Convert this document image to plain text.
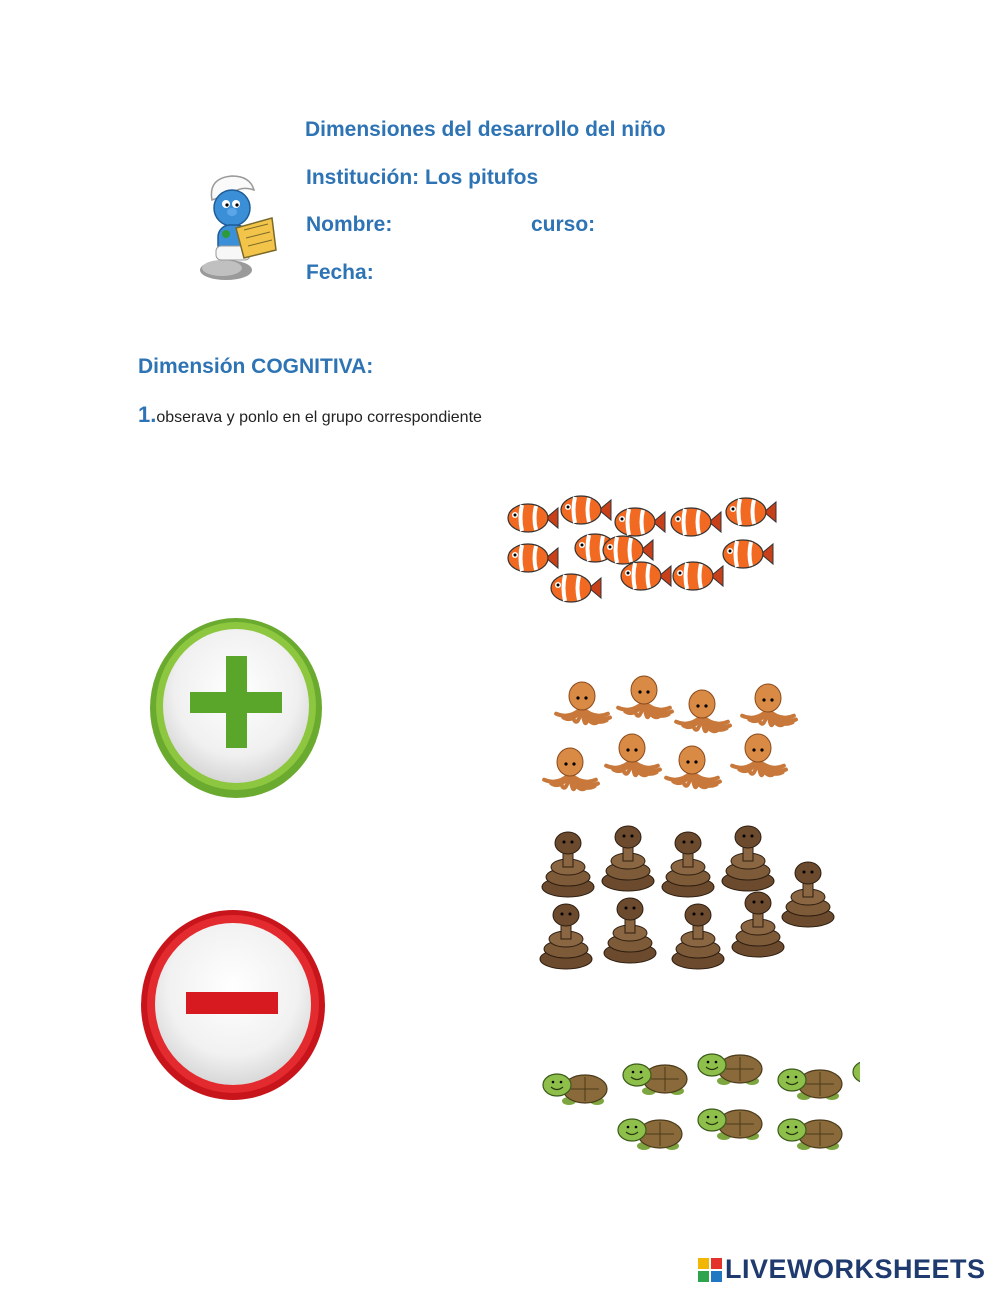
Dimensiones del desarrollo del niño
Institución: Los pitufos
Nombre:	curso:
Fecha:
Dimensión COGNITIVA:
1.obserava y ponlo en el grupo correspondiente
LIVEWORKSHEETS
